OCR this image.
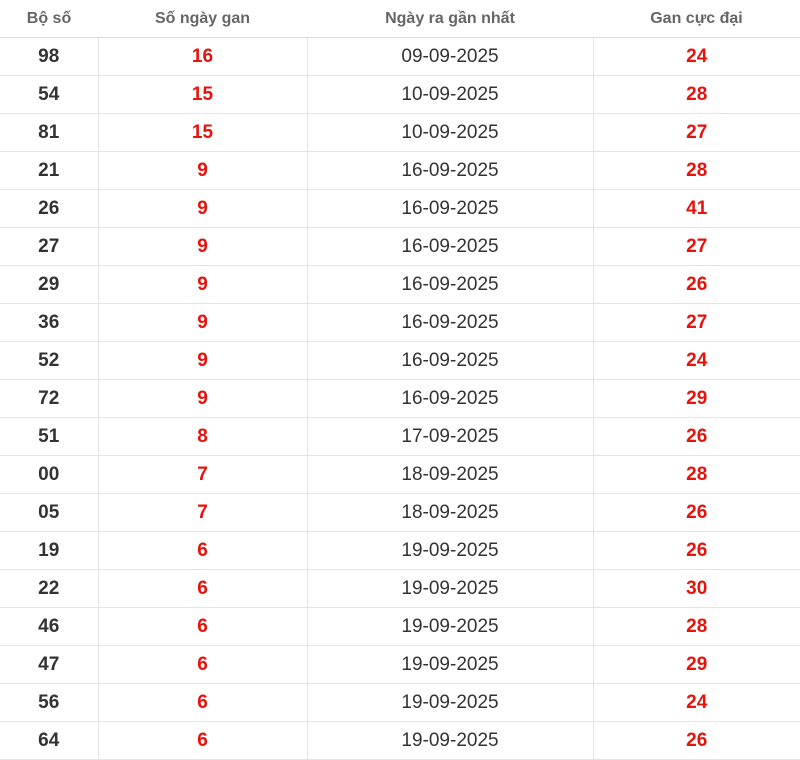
Bộ số	Số ngày gan	Ngày ra gần nhất	Gan cực đại
98	16	09-09-2025	24
54	15	10-09-2025	28
81	15	10-09-2025	27
21	9	16-09-2025	28
26	9	16-09-2025	41
27	9	16-09-2025	27
29	9	16-09-2025	26
36	9	16-09-2025	27
52	9	16-09-2025	24
72	9	16-09-2025	29
51	8	17-09-2025	26
00	7	18-09-2025	28
05	7	18-09-2025	26
19	6	19-09-2025	26
22	6	19-09-2025	30
46	6	19-09-2025	28
47	6	19-09-2025	29
56	6	19-09-2025	24
64	6	19-09-2025	26
